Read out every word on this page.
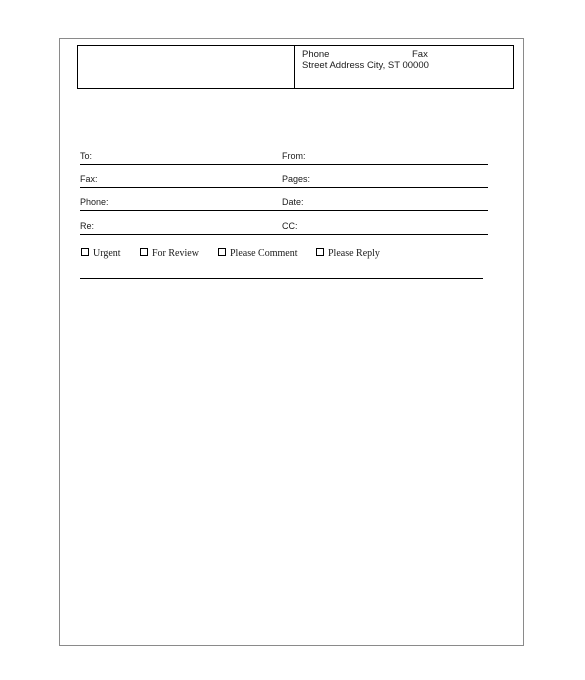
Phone	Fax
Street Address City, ST 00000
To:	From:
Fax:	Pages:
Phone:	Date:
Re:	CC:
Urgent	For Review	Please Comment	Please Reply
